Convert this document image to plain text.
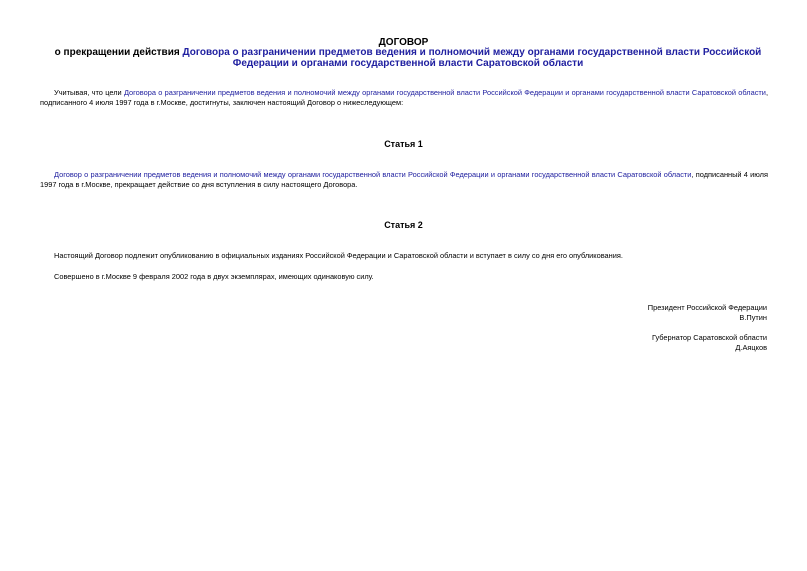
ДОГОВОР
о прекращении действия Договора о разграничении предметов ведения и полномочий между органами государственной власти Российской Федерации и органами государственной власти Саратовской области
Учитывая, что цели Договора о разграничении предметов ведения и полномочий между органами государственной власти Российской Федерации и органами государственной власти Саратовской области, подписанного 4 июля 1997 года в г.Москве, достигнуты, заключен настоящий Договор о нижеследующем:
Статья 1
Договор о разграничении предметов ведения и полномочий между органами государственной власти Российской Федерации и органами государственной власти Саратовской области, подписанный 4 июля 1997 года в г.Москве, прекращает действие со дня вступления в силу настоящего Договора.
Статья 2
Настоящий Договор подлежит опубликованию в официальных изданиях Российской Федерации и Саратовской области и вступает в силу со дня его опубликования.
Совершено в г.Москве 9 февраля 2002 года в двух экземплярах, имеющих одинаковую силу.
Президент Российской Федерации
В.Путин
Губернатор Саратовской области
Д.Аяцков
